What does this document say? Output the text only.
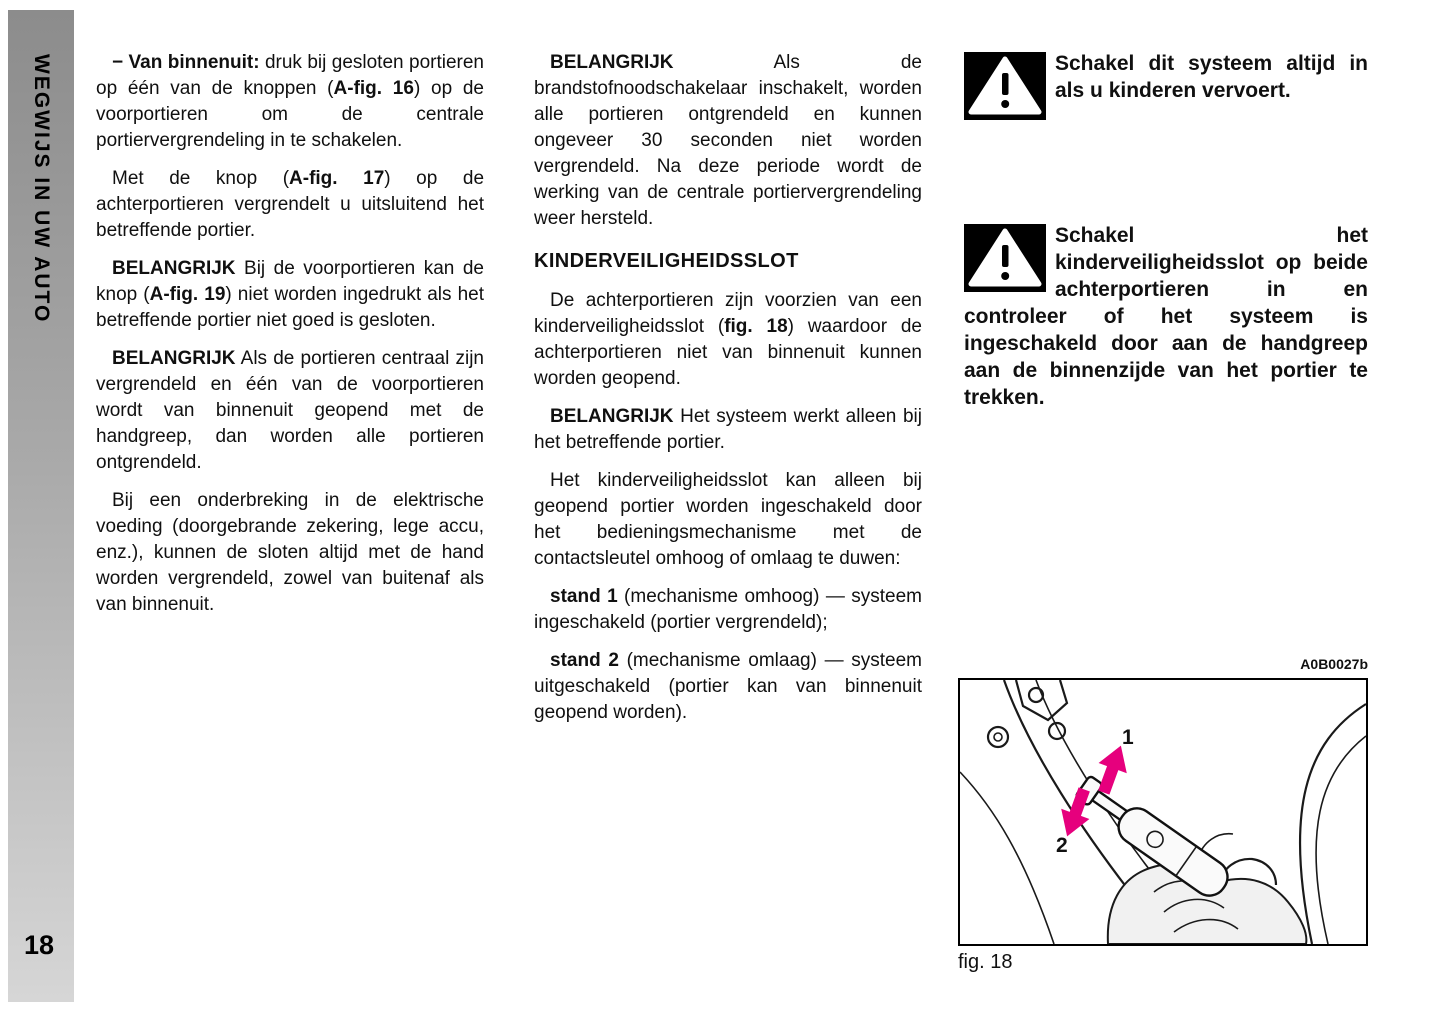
WEGWIJS IN UW AUTO
18

− Van binnenuit: druk bij gesloten portieren op één van de knoppen (A-fig. 16) op de voorportieren om de centrale portiervergrendeling in te schakelen.

Met de knop (A-fig. 17) op de achterportieren vergrendelt u uitsluitend het betreffende portier.

BELANGRIJK Bij de voorportieren kan de knop (A-fig. 19) niet worden ingedrukt als het betreffende portier niet goed is gesloten.

BELANGRIJK Als de portieren centraal zijn vergrendeld en één van de voorportieren wordt van binnenuit geopend met de handgreep, dan worden alle portieren ontgrendeld.

Bij een onderbreking in de elektrische voeding (doorgebrande zekering, lege accu, enz.), kunnen de sloten altijd met de hand worden vergrendeld, zowel van buitenaf als van binnenuit.

BELANGRIJK Als de brandstofnoodschakelaar inschakelt, worden alle portieren ontgrendeld en kunnen ongeveer 30 seconden niet worden vergrendeld. Na deze periode wordt de werking van de centrale portiervergrendeling weer hersteld.

KINDERVEILIGHEIDSSLOT

De achterportieren zijn voorzien van een kinderveiligheidsslot (fig. 18) waardoor de achterportieren niet van binnenuit kunnen worden geopend.

BELANGRIJK Het systeem werkt alleen bij het betreffende portier.

Het kinderveiligheidsslot kan alleen bij geopend portier worden ingeschakeld door het bedieningsmechanisme met de contactsleutel omhoog of omlaag te duwen:

stand 1 (mechanisme omhoog) — systeem ingeschakeld (portier vergrendeld);

stand 2 (mechanisme omlaag) — systeem uitgeschakeld (portier kan van binnenuit geopend worden).

Schakel dit systeem altijd in als u kinderen vervoert.
Schakel het kinderveiligheidsslot op beide achterportieren in en controleer of het systeem is ingeschakeld door aan de handgreep aan de binnenzijde van het portier te trekken.
A0B0027b
1
2
fig. 18
